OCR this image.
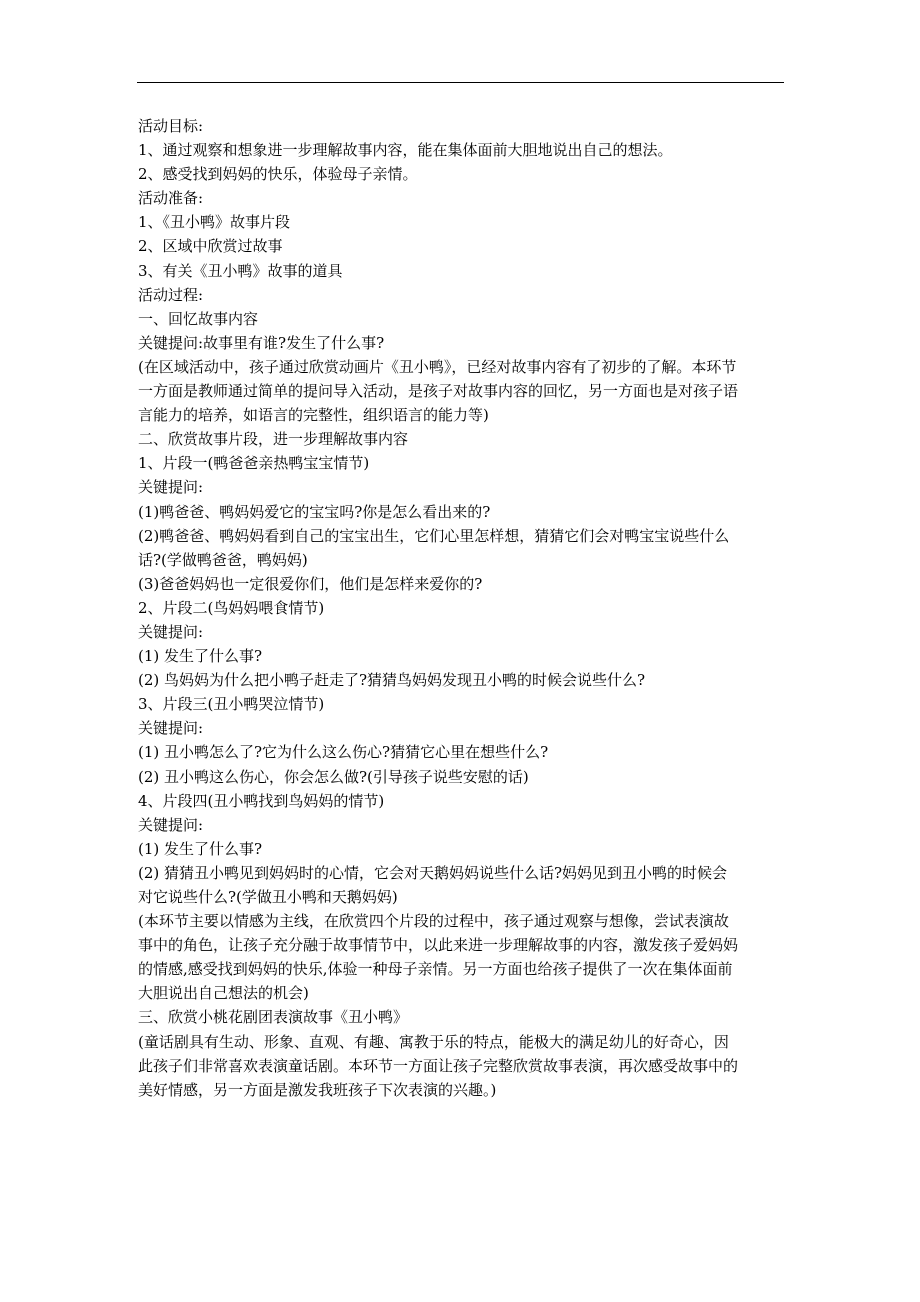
活动目标:
1、通过观察和想象进一步理解故事内容，能在集体面前大胆地说出自己的想法。
2、感受找到妈妈的快乐，体验母子亲情。
活动准备:
1、《丑小鸭》故事片段
2、区域中欣赏过故事
3、有关《丑小鸭》故事的道具
活动过程:
一、回忆故事内容
关键提问:故事里有谁?发生了什么事?
(在区域活动中，孩子通过欣赏动画片《丑小鸭》，已经对故事内容有了初步的了解。本环节
一方面是教师通过简单的提问导入活动，是孩子对故事内容的回忆，另一方面也是对孩子语
言能力的培养，如语言的完整性，组织语言的能力等)
二、欣赏故事片段，进一步理解故事内容
1、片段一(鸭爸爸亲热鸭宝宝情节)
关键提问:
(1)鸭爸爸、鸭妈妈爱它的宝宝吗?你是怎么看出来的?
(2)鸭爸爸、鸭妈妈看到自己的宝宝出生，它们心里怎样想，猜猜它们会对鸭宝宝说些什么
话?(学做鸭爸爸，鸭妈妈)
(3)爸爸妈妈也一定很爱你们，他们是怎样来爱你的?
2、片段二(鸟妈妈喂食情节)
关键提问:
(1) 发生了什么事?
(2) 鸟妈妈为什么把小鸭子赶走了?猜猜鸟妈妈发现丑小鸭的时候会说些什么?
3、片段三(丑小鸭哭泣情节)
关键提问:
(1) 丑小鸭怎么了?它为什么这么伤心?猜猜它心里在想些什么?
(2) 丑小鸭这么伤心，你会怎么做?(引导孩子说些安慰的话)
4、片段四(丑小鸭找到鸟妈妈的情节)
关键提问:
(1) 发生了什么事?
(2) 猜猜丑小鸭见到妈妈时的心情，它会对天鹅妈妈说些什么话?妈妈见到丑小鸭的时候会
对它说些什么?(学做丑小鸭和天鹅妈妈)
(本环节主要以情感为主线，在欣赏四个片段的过程中，孩子通过观察与想像，尝试表演故
事中的角色，让孩子充分融于故事情节中，以此来进一步理解故事的内容，激发孩子爱妈妈
的情感,感受找到妈妈的快乐,体验一种母子亲情。另一方面也给孩子提供了一次在集体面前
大胆说出自己想法的机会)
三、欣赏小桃花剧团表演故事《丑小鸭》
(童话剧具有生动、形象、直观、有趣、寓教于乐的特点，能极大的满足幼儿的好奇心，因
此孩子们非常喜欢表演童话剧。本环节一方面让孩子完整欣赏故事表演，再次感受故事中的
美好情感，另一方面是激发我班孩子下次表演的兴趣。)
